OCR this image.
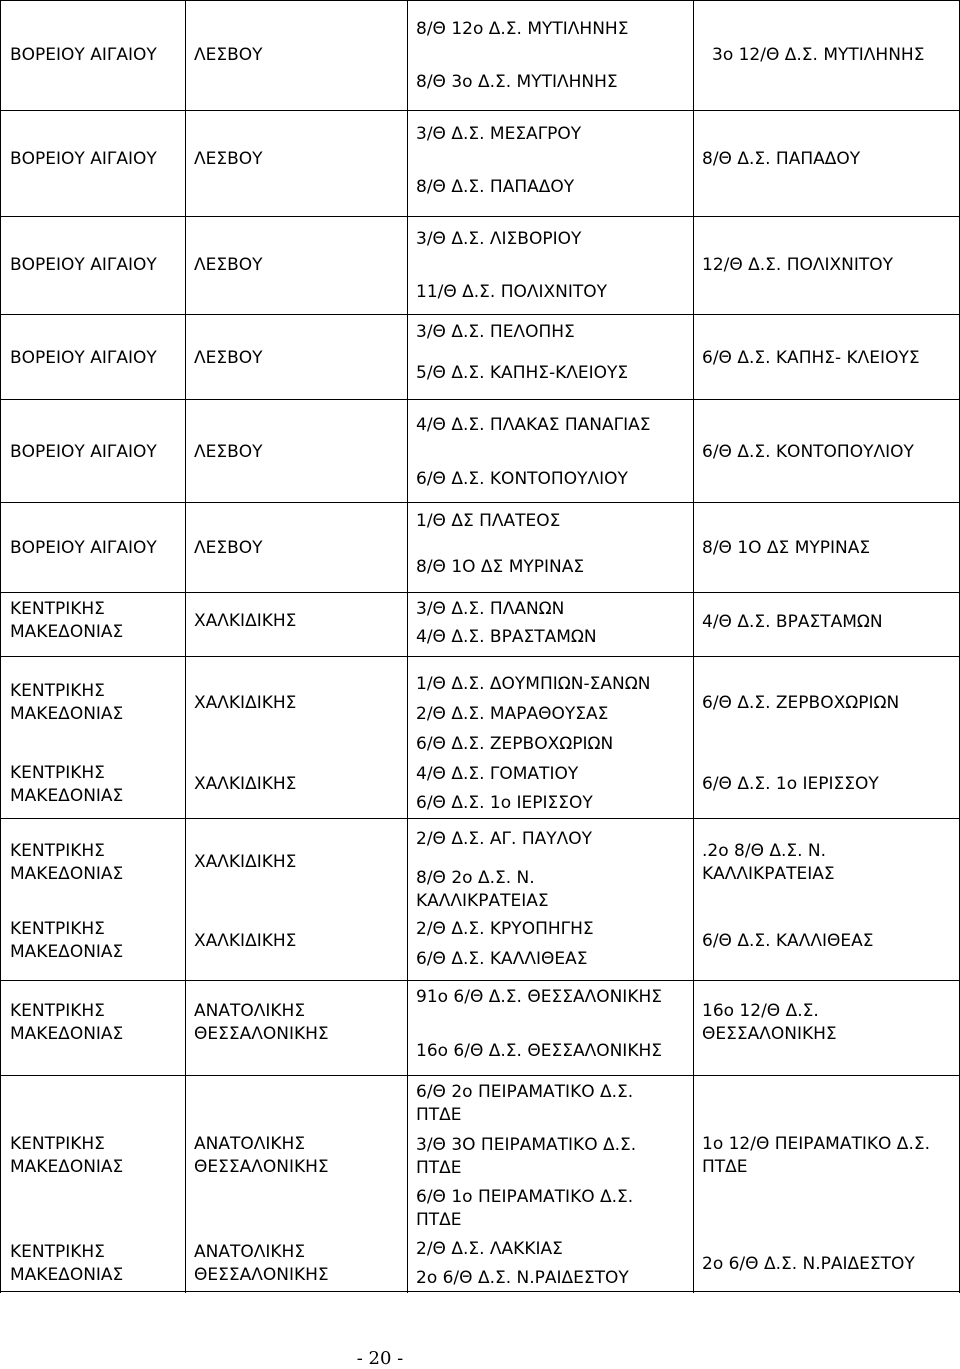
ΒΟΡΕΙΟΥ ΑΙΓΑΙΟΥ ΛΕΣΒΟΥ
8/Θ 12ο Δ.Σ. ΜΥΤΙΛΗΝΗΣ
8/Θ 3ο Δ.Σ. ΜΥΤΙΛΗΝΗΣ
3ο 12/Θ Δ.Σ. ΜΥΤΙΛΗΝΗΣ
ΒΟΡΕΙΟΥ ΑΙΓΑΙΟΥ ΛΕΣΒΟΥ
3/Θ Δ.Σ. ΜΕΣΑΓΡΟΥ
8/Θ Δ.Σ. ΠΑΠΑΔΟΥ
8/Θ Δ.Σ. ΠΑΠΑΔΟΥ
ΒΟΡΕΙΟΥ ΑΙΓΑΙΟΥ ΛΕΣΒΟΥ
3/Θ Δ.Σ. ΛΙΣΒΟΡΙΟΥ
11/Θ Δ.Σ. ΠΟΛΙΧΝΙΤΟΥ
12/Θ Δ.Σ. ΠΟΛΙΧΝΙΤΟΥ
ΒΟΡΕΙΟΥ ΑΙΓΑΙΟΥ ΛΕΣΒΟΥ
3/Θ Δ.Σ. ΠΕΛΟΠΗΣ
5/Θ Δ.Σ. ΚΑΠΗΣ-ΚΛΕΙΟΥΣ
6/Θ Δ.Σ. ΚΑΠΗΣ- ΚΛΕΙΟΥΣ
ΒΟΡΕΙΟΥ ΑΙΓΑΙΟΥ ΛΕΣΒΟΥ
4/Θ Δ.Σ. ΠΛΑΚΑΣ ΠΑΝΑΓΙΑΣ
6/Θ Δ.Σ. ΚΟΝΤΟΠΟΥΛΙΟΥ
6/Θ Δ.Σ. ΚΟΝΤΟΠΟΥΛΙΟΥ
ΒΟΡΕΙΟΥ ΑΙΓΑΙΟΥ ΛΕΣΒΟΥ
1/Θ ΔΣ ΠΛΑΤΕΟΣ
8/Θ 1Ο ΔΣ ΜΥΡΙΝΑΣ
8/Θ 1Ο ΔΣ ΜΥΡΙΝΑΣ
ΚΕΝΤΡΙΚΗΣ ΜΑΚΕΔΟΝΙΑΣ
ΧΑΛΚΙΔΙΚΗΣ
3/Θ Δ.Σ. ΠΛΑΝΩΝ
4/Θ Δ.Σ. ΒΡΑΣΤΑΜΩΝ
4/Θ Δ.Σ. ΒΡΑΣΤΑΜΩΝ
ΚΕΝΤΡΙΚΗΣ ΜΑΚΕΔΟΝΙΑΣ
ΧΑΛΚΙΔΙΚΗΣ
1/Θ Δ.Σ. ΔΟΥΜΠΙΩΝ-ΣΑΝΩΝ
2/Θ Δ.Σ. ΜΑΡΑΘΟΥΣΑΣ
6/Θ Δ.Σ. ΖΕΡΒΟΧΩΡΙΩΝ
6/Θ Δ.Σ. ΖΕΡΒΟΧΩΡΙΩΝ
ΚΕΝΤΡΙΚΗΣ ΜΑΚΕΔΟΝΙΑΣ
ΧΑΛΚΙΔΙΚΗΣ	4/Θ Δ.Σ. ΓΟΜΑΤΙΟΥ
6/Θ Δ.Σ. 1ο ΙΕΡΙΣΣΟΥ
6/Θ Δ.Σ. 1ο ΙΕΡΙΣΣΟΥ
ΚΕΝΤΡΙΚΗΣ ΜΑΚΕΔΟΝΙΑΣ
ΧΑΛΚΙΔΙΚΗΣ
2/Θ Δ.Σ. ΑΓ. ΠΑΥΛΟΥ
8/Θ 2ο Δ.Σ. Ν. ΚΑΛΛΙΚΡΑΤΕΙΑΣ
.2ο 8/Θ Δ.Σ. Ν. ΚΑΛΛΙΚΡΑΤΕΙΑΣ
ΚΕΝΤΡΙΚΗΣ ΜΑΚΕΔΟΝΙΑΣ
ΧΑΛΚΙΔΙΚΗΣ
2/Θ Δ.Σ. ΚΡΥΟΠΗΓΗΣ
6/Θ Δ.Σ. ΚΑΛΛΙΘΕΑΣ
6/Θ Δ.Σ. ΚΑΛΛΙΘΕΑΣ
ΚΕΝΤΡΙΚΗΣ ΜΑΚΕΔΟΝΙΑΣ
ΑΝΑΤΟΛΙΚΗΣ ΘΕΣΣΑΛΟΝΙΚΗΣ
91ο 6/Θ Δ.Σ. ΘΕΣΣΑΛΟΝΙΚΗΣ
16ο 6/Θ Δ.Σ. ΘΕΣΣΑΛΟΝΙΚΗΣ
16ο 12/Θ Δ.Σ. ΘΕΣΣΑΛΟΝΙΚΗΣ
ΚΕΝΤΡΙΚΗΣ ΜΑΚΕΔΟΝΙΑΣ
ΑΝΑΤΟΛΙΚΗΣ ΘΕΣΣΑΛΟΝΙΚΗΣ
6/Θ 2ο ΠΕΙΡΑΜΑΤΙΚΟ Δ.Σ. ΠΤΔΕ
3/Θ 3Ο ΠΕΙΡΑΜΑΤΙΚΟ Δ.Σ. ΠΤΔΕ
6/Θ 1ο ΠΕΙΡΑΜΑΤΙΚΟ Δ.Σ. ΠΤΔΕ
1ο 12/Θ ΠΕΙΡΑΜΑΤΙΚΟ Δ.Σ. ΠΤΔΕ
ΚΕΝΤΡΙΚΗΣ ΜΑΚΕΔΟΝΙΑΣ
ΑΝΑΤΟΛΙΚΗΣ ΘΕΣΣΑΛΟΝΙΚΗΣ
2/Θ Δ.Σ. ΛΑΚΚΙΑΣ
2ο 6/Θ Δ.Σ. Ν.ΡΑΙΔΕΣΤΟΥ
2ο 6/Θ Δ.Σ. Ν.ΡΑΙΔΕΣΤΟΥ
- 20 -
